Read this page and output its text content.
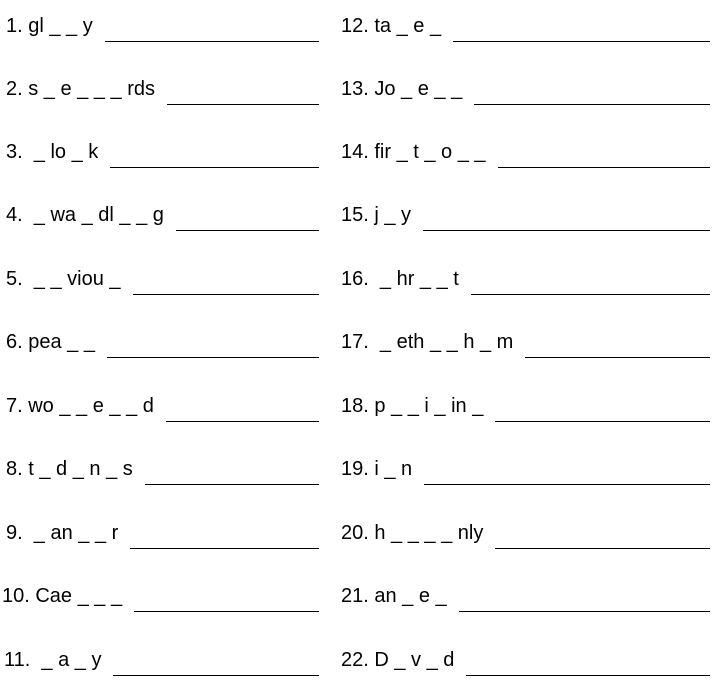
1. gl _ _ y
2. s _ e _ _ _ rds
3.  _ lo _ k
4.  _ wa _ dl _ _ g
5.  _ _ viou _
6. pea _ _
7. wo _ _ e _ _ d
8. t _ d _ n _ s
9.  _ an _ _ r
10. Cae _ _ _
11.  _ a _ y
12. ta _ e _
13. Jo _ e _ _
14. fir _ t _ o _ _
15. j _ y
16.  _ hr _ _ t
17.  _ eth _ _ h _ m
18. p _ _ i _ in _
19. i _ n
20. h _ _ _ _ nly
21. an _ e _
22. D _ v _ d
